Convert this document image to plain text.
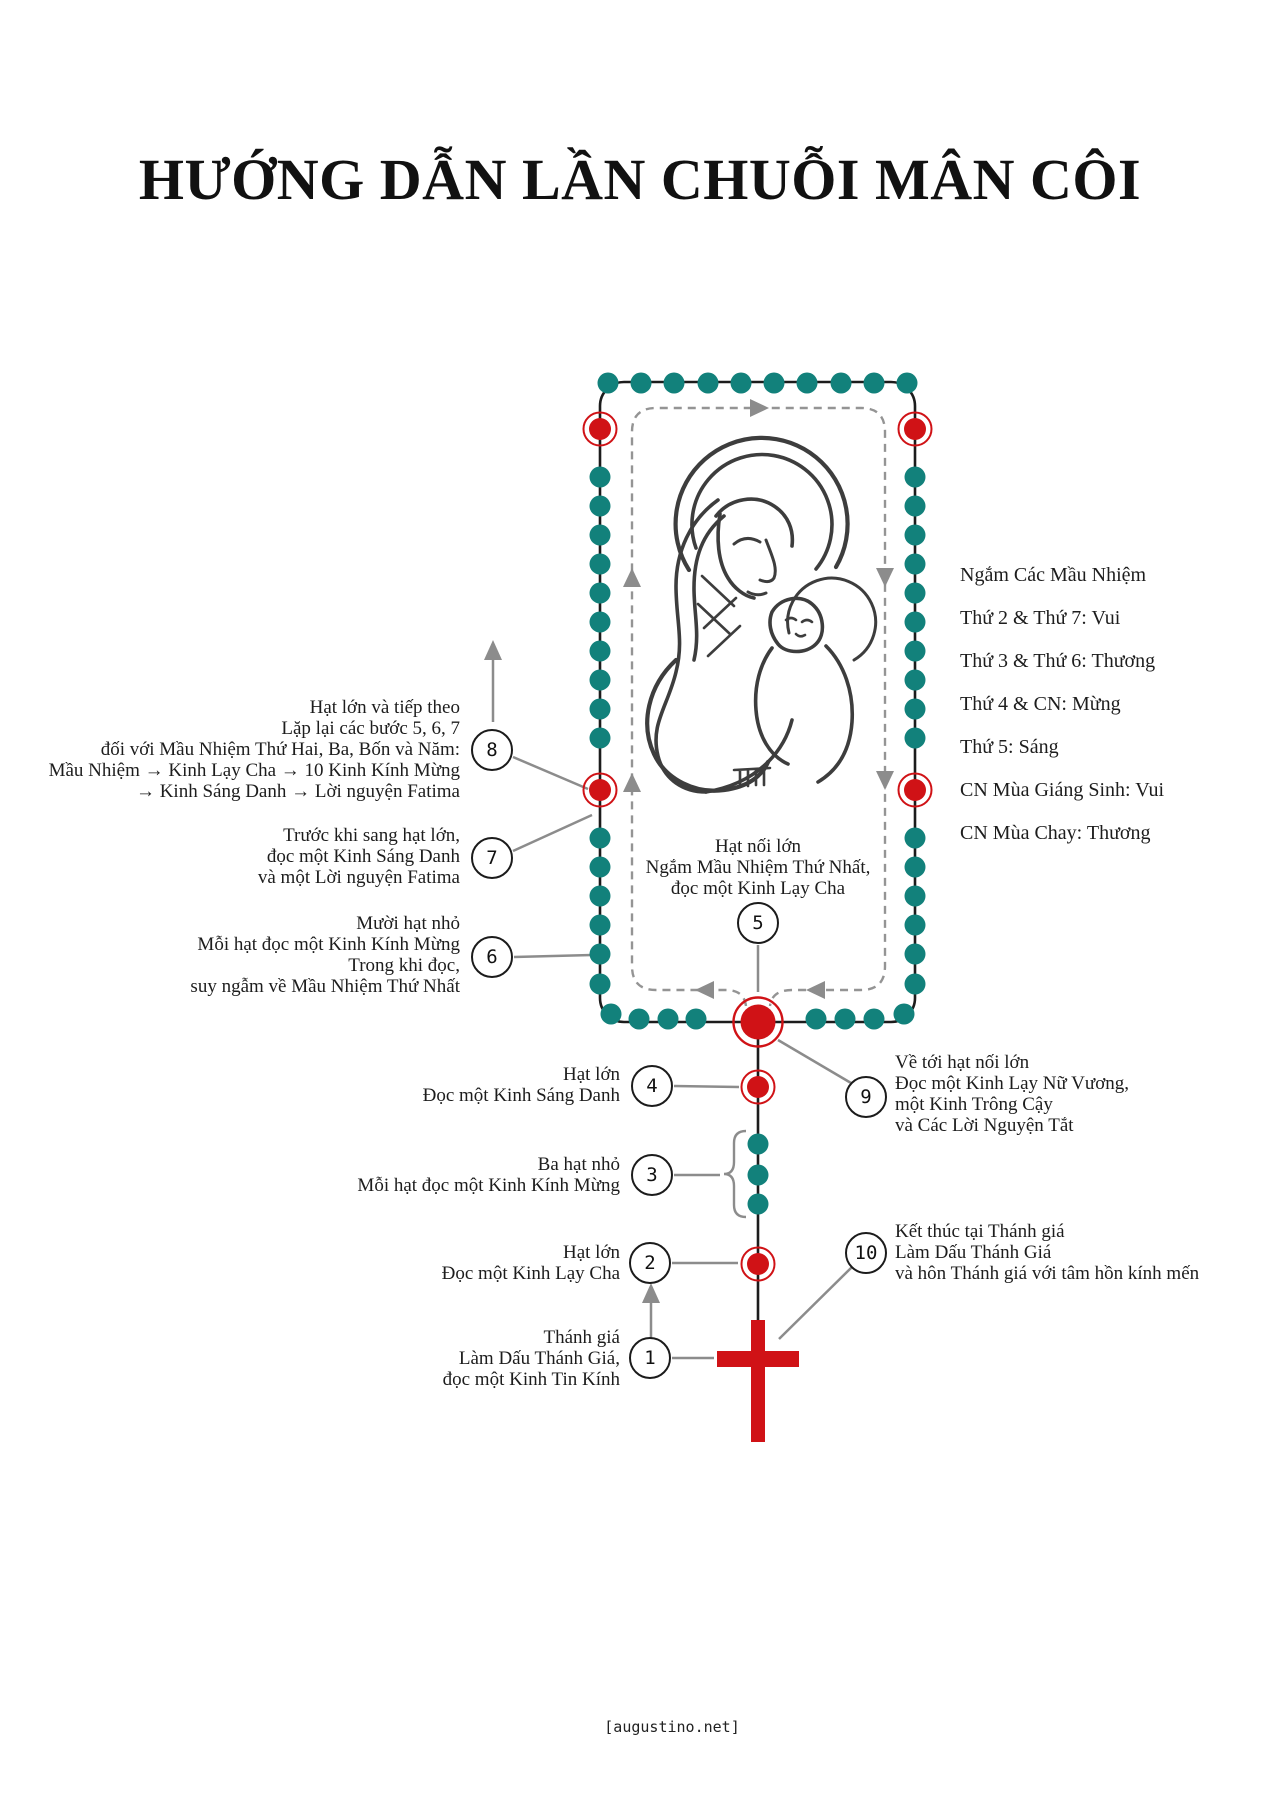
HƯỚNG DẪN LẦN CHUỖI MÂN CÔI
Ngắm Các Mầu Nhiệm
Thứ 2 & Thứ 7: Vui
Thứ 3 & Thứ 6: Thương
Thứ 4 & CN: Mừng
Thứ 5: Sáng
CN Mùa Giáng Sinh: Vui
CN Mùa Chay: Thương
Hạt lớn và tiếp theo
Lặp lại các bước 5, 6, 7
đối với Mầu Nhiệm Thứ Hai, Ba, Bốn và Năm:
Mầu Nhiệm → Kinh Lạy Cha → 10 Kinh Kính Mừng
→ Kinh Sáng Danh → Lời nguyện Fatima
Trước khi sang hạt lớn,
đọc một Kinh Sáng Danh
và một Lời nguyện Fatima
Mười hạt nhỏ
Mỗi hạt đọc một Kinh Kính Mừng
Trong khi đọc,
suy ngẫm về Mầu Nhiệm Thứ Nhất
Hạt nối lớn
Ngắm Mầu Nhiệm Thứ Nhất,
đọc một Kinh Lạy Cha
Hạt lớn
Đọc một Kinh Sáng Danh
Ba hạt nhỏ
Mỗi hạt đọc một Kinh Kính Mừng
Hạt lớn
Đọc một Kinh Lạy Cha
Thánh giá
Làm Dấu Thánh Giá,
đọc một Kinh Tin Kính
Về tới hạt nối lớn
Đọc một Kinh Lạy Nữ Vương,
một Kinh Trông Cậy
và Các Lời Nguyện Tắt
Kết thúc tại Thánh giá
Làm Dấu Thánh Giá
và hôn Thánh giá với tâm hồn kính mến
1
2
3
4
5
6
7
8
9
10
[augustino.net]
